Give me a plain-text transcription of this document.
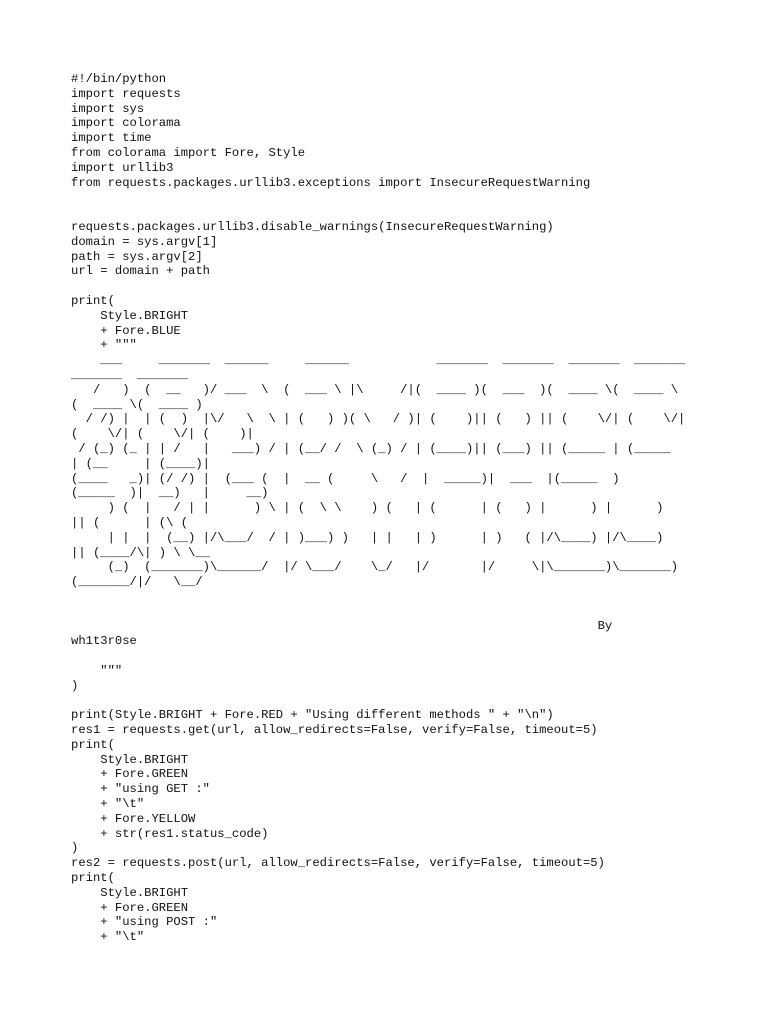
#!/bin/python
import requests
import sys
import colorama
import time
from colorama import Fore, Style
import urllib3
from requests.packages.urllib3.exceptions import InsecureRequestWarning
requests.packages.urllib3.disable_warnings(InsecureRequestWarning)
domain = sys.argv[1]
path = sys.argv[2]
url = domain + path
print(
Style.BRIGHT
+ Fore.BLUE
+ """
___     _______  ______     ______            _______  _______  _______  _______
_______  _______
/   )  (  __   )/ ___  \  (  ___ \ |\     /|(  ____ )(  ___  )(  ____ \(  ____ \
(  ____ \(  ____ )
/ /) |  | (  )  |\/   \  \ | (   ) )( \   / )| (    )|| (   ) || (    \/| (    \/|
(    \/| (    \/| (    )|
/ (_) (_ | | /   |   ___) / | (__/ /  \ (_) / | (____)|| (___) || (_____ | (_____
| (__     | (____)|
(____   _)| (/ /) |  (___ (  |  __ (     \   /  |  _____)|  ___  |(_____  )
(_____  )|  __)   |     __)
) (  |   / | |      ) \ | (  \ \    ) (   | (      | (   ) |      ) |      )
|| (      | (\ (
| |  |  (__) |/\___/  / | )___) )   | |   | )      | )   ( |/\____) |/\____)
|| (____/\| ) \ \__
(_)  (_______)\______/  |/ \___/    \_/   |/       |/     \|\_______)\_______)
(_______/|/   \__/
By
wh1t3r0se
"""
)
print(Style.BRIGHT + Fore.RED + "Using different methods " + "\n")
res1 = requests.get(url, allow_redirects=False, verify=False, timeout=5)
print(
Style.BRIGHT
+ Fore.GREEN
+ "using GET :"
+ "\t"
+ Fore.YELLOW
+ str(res1.status_code)
)
res2 = requests.post(url, allow_redirects=False, verify=False, timeout=5)
print(
Style.BRIGHT
+ Fore.GREEN
+ "using POST :"
+ "\t"
